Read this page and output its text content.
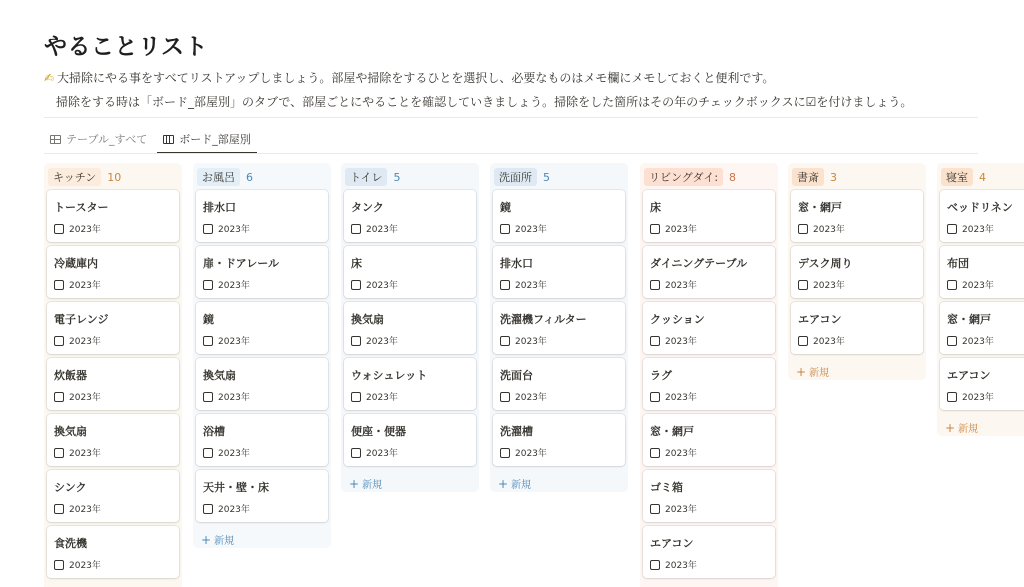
やることリスト
✍ 大掃除にやる事をすべてリストアップしましょう。部屋や掃除をするひとを選択し、必要なものはメモ欄にメモしておくと便利です。
掃除をする時は「ボード_部屋別」のタブで、部屋ごとにやることを確認していきましょう。掃除をした箇所はその年のチェックボックスに☑を付けましょう。
テーブル_すべて	ボード_部屋別
キッチン	10
トースター
2023年
冷蔵庫内
2023年
電子レンジ
2023年
炊飯器
2023年
換気扇
2023年
シンク
2023年
食洗機
2023年
お風呂	6
排水口
2023年
扉・ドアレール
2023年
鏡
2023年
換気扇
2023年
浴槽
2023年
天井・壁・床
2023年
+ 新規
トイレ	5
タンク
2023年
床
2023年
換気扇
2023年
ウォシュレット
2023年
便座・便器
2023年
+ 新規
洗面所	5
鏡
2023年
排水口
2023年
洗濯機フィルター
2023年
洗面台
2023年
洗濯槽
2023年
+ 新規
リビングダイ:	8
床
2023年
ダイニングテーブル
2023年
クッション
2023年
ラグ
2023年
窓・網戸
2023年
ゴミ箱
2023年
エアコン
2023年
書斎	3
窓・網戸
2023年
デスク周り
2023年
エアコン
2023年
+ 新規
寝室	4
ベッドリネン
2023年
布団
2023年
窓・網戸
2023年
エアコン
2023年
+ 新規
